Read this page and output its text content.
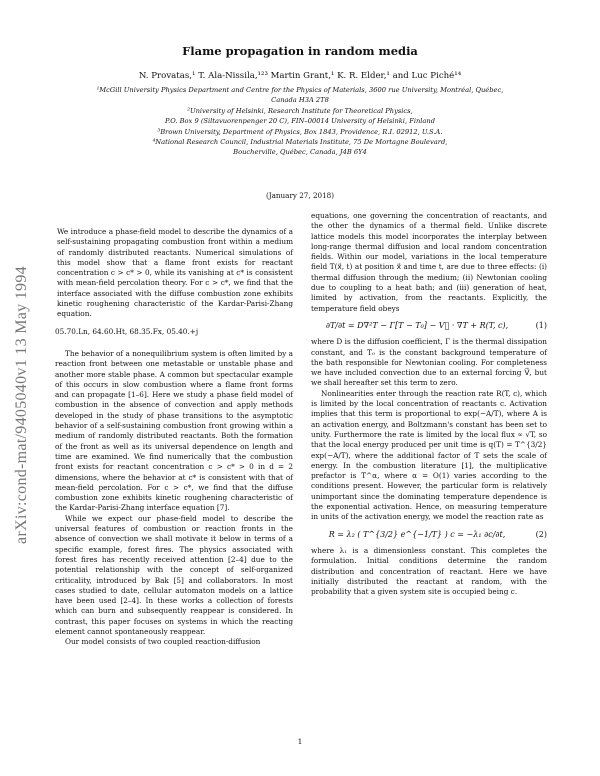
arXiv:cond-mat/9405040v1 13 May 1994
Flame propagation in random media
N. Provatas,¹ T. Ala-Nissila,¹²³ Martin Grant,¹ K. R. Elder,¹ and Luc Piché¹⁴
¹McGill University Physics Department and Centre for the Physics of Materials, 3600 rue University, Montréal, Québec,
Canada H3A 2T8
²University of Helsinki, Research Institute for Theoretical Physics,
P.O. Box 9 (Siltavuorenpenger 20 C), FIN–00014 University of Helsinki, Finland
³Brown University, Department of Physics, Box 1843, Providence, R.I. 02912, U.S.A.
⁴National Research Council, Industrial Materials Institute, 75 De Mortagne Boulevard,
Boucherville, Québec, Canada, J4B 6Y4
(January 27, 2018)
We introduce a phase-field model to describe the dynamics of a self-sustaining propagating combustion front within a medium of randomly distributed reactants. Numerical simulations of this model show that a flame front exists for reactant concentration c > c* > 0, while its vanishing at c* is consistent with mean-field percolation theory. For c > c*, we find that the interface associated with the diffuse combustion zone exhibits kinetic roughening characteristic of the Kardar-Parisi-Zhang equation.
05.70.Ln, 64.60.Ht, 68.35.Fx, 05.40.+j

The behavior of a nonequilibrium system is often limited by a reaction front between one metastable or unstable phase and another more stable phase. A common but spectacular example of this occurs in slow combustion where a flame front forms and can propagate [1–6]. Here we study a phase field model of combustion in the absence of convection and apply methods developed in the study of phase transitions to the asymptotic behavior of a self-sustaining combustion front growing within a medium of randomly distributed reactants. Both the formation of the front as well as its universal dependence on length and time are examined. We find numerically that the combustion front exists for reactant concentration c > c* > 0 in d = 2 dimensions, where the behavior at c* is consistent with that of mean-field percolation. For c > c*, we find that the diffuse combustion zone exhibits kinetic roughening characteristic of the Kardar-Parisi-Zhang interface equation [7].

While we expect our phase-field model to describe the universal features of combustion or reaction fronts in the absence of convection we shall motivate it below in terms of a specific example, forest fires. The physics associated with forest fires has recently received attention [2–4] due to the potential relationship with the concept of self-organized criticality, introduced by Bak [5] and collaborators. In most cases studied to date, cellular automaton models on a lattice have been used [2–4]. In these works a collection of forests which can burn and subsequently reappear is considered. In contrast, this paper focuses on systems in which the reacting element cannot spontaneously reappear.

Our model consists of two coupled reaction-diffusion

equations, one governing the concentration of reactants, and the other the dynamics of a thermal field. Unlike discrete lattice models this model incorporates the interplay between long-range thermal diffusion and local random concentration fields. Within our model, variations in the local temperature field T(x⃗, t) at position x⃗ and time t, are due to three effects: (i) thermal diffusion through the medium; (ii) Newtonian cooling due to coupling to a heat bath; and (iii) generation of heat, limited by activation, from the reactants. Explicitly, the temperature field obeys

∂T/∂t = D∇²T − Γ[T − T₀] − V⃗ · ∇T + R(T, c),	(1)

where D is the diffusion coefficient, Γ is the thermal dissipation constant, and T₀ is the constant background temperature of the bath responsible for Newtonian cooling. For completeness we have included convection due to an external forcing V⃗, but we shall hereafter set this term to zero.

Nonlinearities enter through the reaction rate R(T, c), which is limited by the local concentration of reactants c. Activation implies that this term is proportional to exp(−A/T), where A is an activation energy, and Boltzmann's constant has been set to unity. Furthermore the rate is limited by the local flux ∝ √T, so that the local energy produced per unit time is q(T) = T^{3/2} exp(−A/T), where the additional factor of T sets the scale of energy. In the combustion literature [1], the multiplicative prefactor is T^α, where α = O(1) varies according to the conditions present. However, the particular form is relatively unimportant since the dominating temperature dependence is the exponential activation. Hence, on measuring temperature in units of the activation energy, we model the reaction rate as

R = λ₂ ( T^{3/2} e^{−1/T} ) c = −λ₁ ∂c/∂t,	(2)

where λ₁ is a dimensionless constant. This completes the formulation. Initial conditions determine the random distribution and concentration of reactant. Here we have initially distributed the reactant at random, with the probability that a given system site is occupied being c.

1
